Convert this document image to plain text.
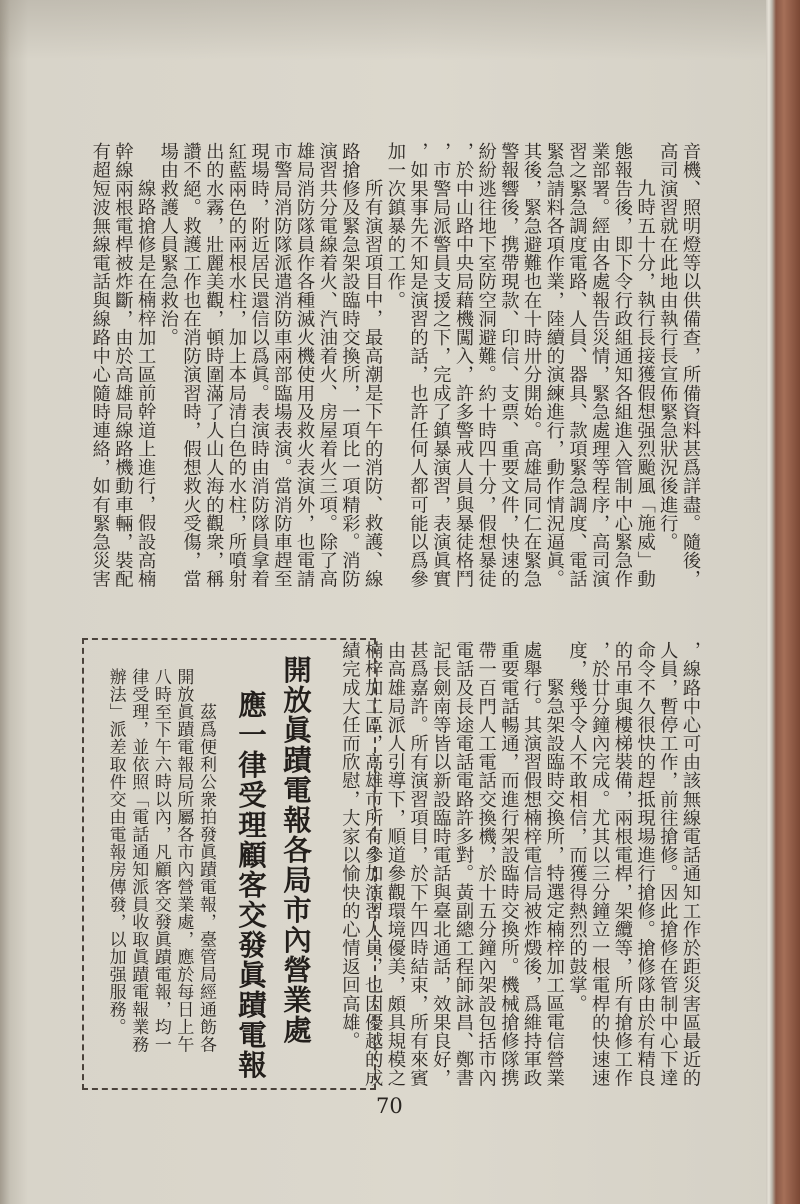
音機、照明燈等以供備查，所備資料甚爲詳盡。隨後，
高司演習就在此地由執行長宣佈緊急狀況後進行。
九時五十分，執行長接獲假想强烈颱風「施威」動
態報告後，即下令行政組通知各組進入管制中心緊急作
業部署。經由各處報告災情，緊急處理等程序，高司演
習之緊急調度電路、人員、器具、款項緊急調度、電話
緊急請料各項作業，陸續的演練進行，動作情況逼眞。
其後，緊急避難也在十時卅分開始。高雄局同仁在緊急
警報響後，携帶現款、印信、支票、重要文件，快速的
紛紛逃往地下室防空洞避難。約十時四十分，假想暴徒
，於中山路中央局藉機闖入，許多警戒人員與暴徒格鬥
，市警局派警員支援之下，完成了鎮暴演習，表演眞實
，如果事先不知是演習的話，也許任何人都可能以爲參
加一次鎮暴的工作。
所有演習項目中，最高潮是下午的消防、救護、線
路搶修及緊急架設臨時交換所，一項比一項精彩。消防
演習共分電線着火、汽油着火、房屋着火三項。除了高
雄局消防隊員作各種滅火機使用及救火表演外，也電請
市警局消防隊派遣消防車兩部臨場表演。當消防車趕至
現場時，附近居民還信以爲眞。表演時由消防隊員拿着
紅藍兩色的兩根水柱，加上本局清白色的水柱，所噴射
出的水霧，壯麗美觀，頓時圍滿了人山人海的觀衆，稱
讚不絕。救護工作也在消防演習時，假想救火受傷，當
場由救護人員緊急救治。
線路搶修是在楠梓加工區前幹道上進行，假設高楠
幹線兩根電桿被炸斷，由於高雄局線路機動車輛，裝配
有超短波無線電話與線路中心隨時連絡，如有緊急災害
，線路中心可由該無線電話通知工作於距災害區最近的
人員，暫停工作，前往搶修。因此搶修在管制中心下達
命令不久很快的趕抵現場進行搶修。搶修隊由於有精良
的吊車與樓梯裝備，兩根電桿，架纜等，所有搶修工作
，於廿分鐘內完成。尤其以三分鐘立一根電桿的快速速
度，幾乎令人不敢相信，而獲得熱烈的鼓掌。
緊急架設臨時交換所，特選定楠梓加工區電信營業
處舉行。其演習假想楠梓電信局被炸燬後，爲維持軍政
重要電話暢通，而進行架設臨時交換所。機械搶修隊携
帶一百門人工電話交換機，於十五分鐘內架設包括市內
電話及長途電話電路許多對。黃副總工程師詠昌、鄭書
記長劍南等皆以新設臨時電話與臺北通話，效果良好，
甚爲嘉許。所有演習項目，於下午四時結束，所有來賓
由高雄局派人引導下，順道參觀環境優美，頗具規模之
楠梓加工區，高雄市所有參加演習人員，也因優越的成
績完成大任而欣慰，大家以愉快的心情返回高雄。
開放眞蹟電報各局市內營業處
應一律受理顧客交發眞蹟電報
茲爲便利公衆拍發眞蹟電報，臺管局經通飭各
開放眞蹟電報局所屬各市內營業處，應於每日上午
八時至下午六時以內，凡顧客交發眞蹟電報，均一
律受理，並依照「電話通知派員收取眞蹟電報業務
辦法」派差取件交由電報房傳發，以加强服務。
70
